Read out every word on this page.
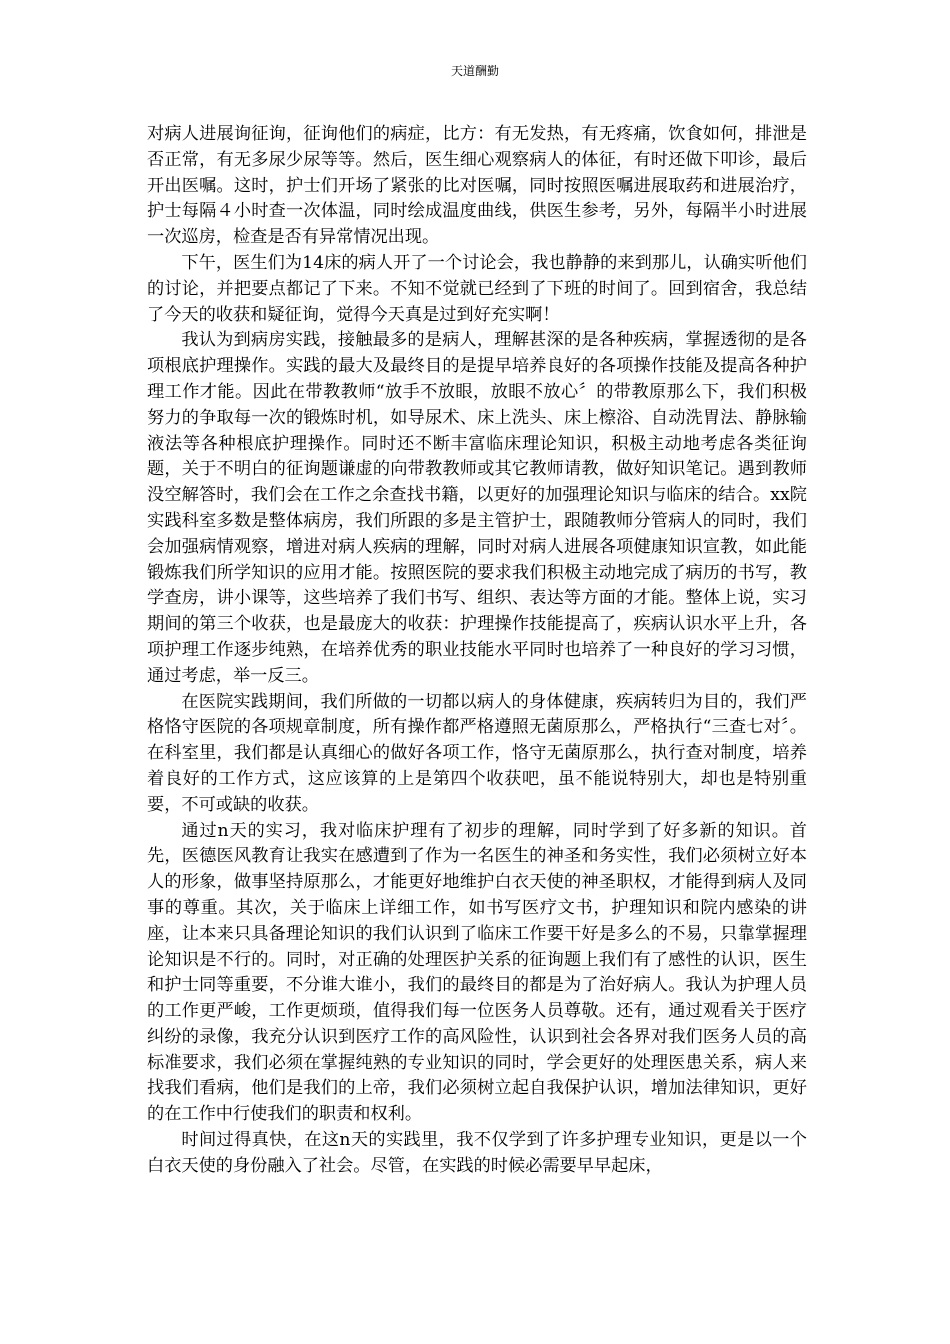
天道酬勤

对病人进展询征询，征询他们的病症，比方：有无发热，有无疼痛，饮食如何，排泄是否正常，有无多尿少尿等等。然后，医生细心观察病人的体征，有时还做下叩诊，最后开出医嘱。这时，护士们开场了紧张的比对医嘱，同时按照医嘱进展取药和进展治疗，护士每隔４小时查一次体温，同时绘成温度曲线，供医生参考，另外，每隔半小时进展一次巡房，检查是否有异常情况出现。

下午，医生们为14床的病人开了一个讨论会，我也静静的来到那儿，认确实听他们的讨论，并把要点都记了下来。不知不觉就已经到了下班的时间了。回到宿舍，我总结了今天的收获和疑征询，觉得今天真是过到好充实啊！

我认为到病房实践，接触最多的是病人，理解甚深的是各种疾病，掌握透彻的是各项根底护理操作。实践的最大及最终目的是提早培养良好的各项操作技能及提高各种护理工作才能。因此在带教教师“放手不放眼，放眼不放心〞的带教原那么下，我们积极努力的争取每一次的锻炼时机，如导尿术、床上洗头、床上檫浴、自动洗胃法、静脉输液法等各种根底护理操作。同时还不断丰富临床理论知识，积极主动地考虑各类征询题，关于不明白的征询题谦虚的向带教教师或其它教师请教，做好知识笔记。遇到教师没空解答时，我们会在工作之余查找书籍，以更好的加强理论知识与临床的结合。xx院实践科室多数是整体病房，我们所跟的多是主管护士，跟随教师分管病人的同时，我们会加强病情观察，增进对病人疾病的理解，同时对病人进展各项健康知识宣教，如此能锻炼我们所学知识的应用才能。按照医院的要求我们积极主动地完成了病历的书写，教学查房，讲小课等，这些培养了我们书写、组织、表达等方面的才能。整体上说，实习期间的第三个收获，也是最庞大的收获：护理操作技能提高了，疾病认识水平上升，各项护理工作逐步纯熟，在培养优秀的职业技能水平同时也培养了一种良好的学习习惯，通过考虑，举一反三。

在医院实践期间，我们所做的一切都以病人的身体健康，疾病转归为目的，我们严格恪守医院的各项规章制度，所有操作都严格遵照无菌原那么，严格执行“三查七对〞。在科室里，我们都是认真细心的做好各项工作，恪守无菌原那么，执行查对制度，培养着良好的工作方式，这应该算的上是第四个收获吧，虽不能说特别大，却也是特别重要，不可或缺的收获。

通过n天的实习，我对临床护理有了初步的理解，同时学到了好多新的知识。首先，医德医风教育让我实在感遭到了作为一名医生的神圣和务实性，我们必须树立好本人的形象，做事坚持原那么，才能更好地维护白衣天使的神圣职权，才能得到病人及同事的尊重。其次，关于临床上详细工作，如书写医疗文书，护理知识和院内感染的讲座，让本来只具备理论知识的我们认识到了临床工作要干好是多么的不易，只靠掌握理论知识是不行的。同时，对正确的处理医护关系的征询题上我们有了感性的认识，医生和护士同等重要，不分谁大谁小，我们的最终目的都是为了治好病人。我认为护理人员的工作更严峻，工作更烦琐，值得我们每一位医务人员尊敬。还有，通过观看关于医疗纠纷的录像，我充分认识到医疗工作的高风险性，认识到社会各界对我们医务人员的高标准要求，我们必须在掌握纯熟的专业知识的同时，学会更好的处理医患关系，病人来找我们看病，他们是我们的上帝，我们必须树立起自我保护认识，增加法律知识，更好的在工作中行使我们的职责和权利。

时间过得真快，在这n天的实践里，我不仅学到了许多护理专业知识，更是以一个白衣天使的身份融入了社会。尽管，在实践的时候必需要早早起床，
